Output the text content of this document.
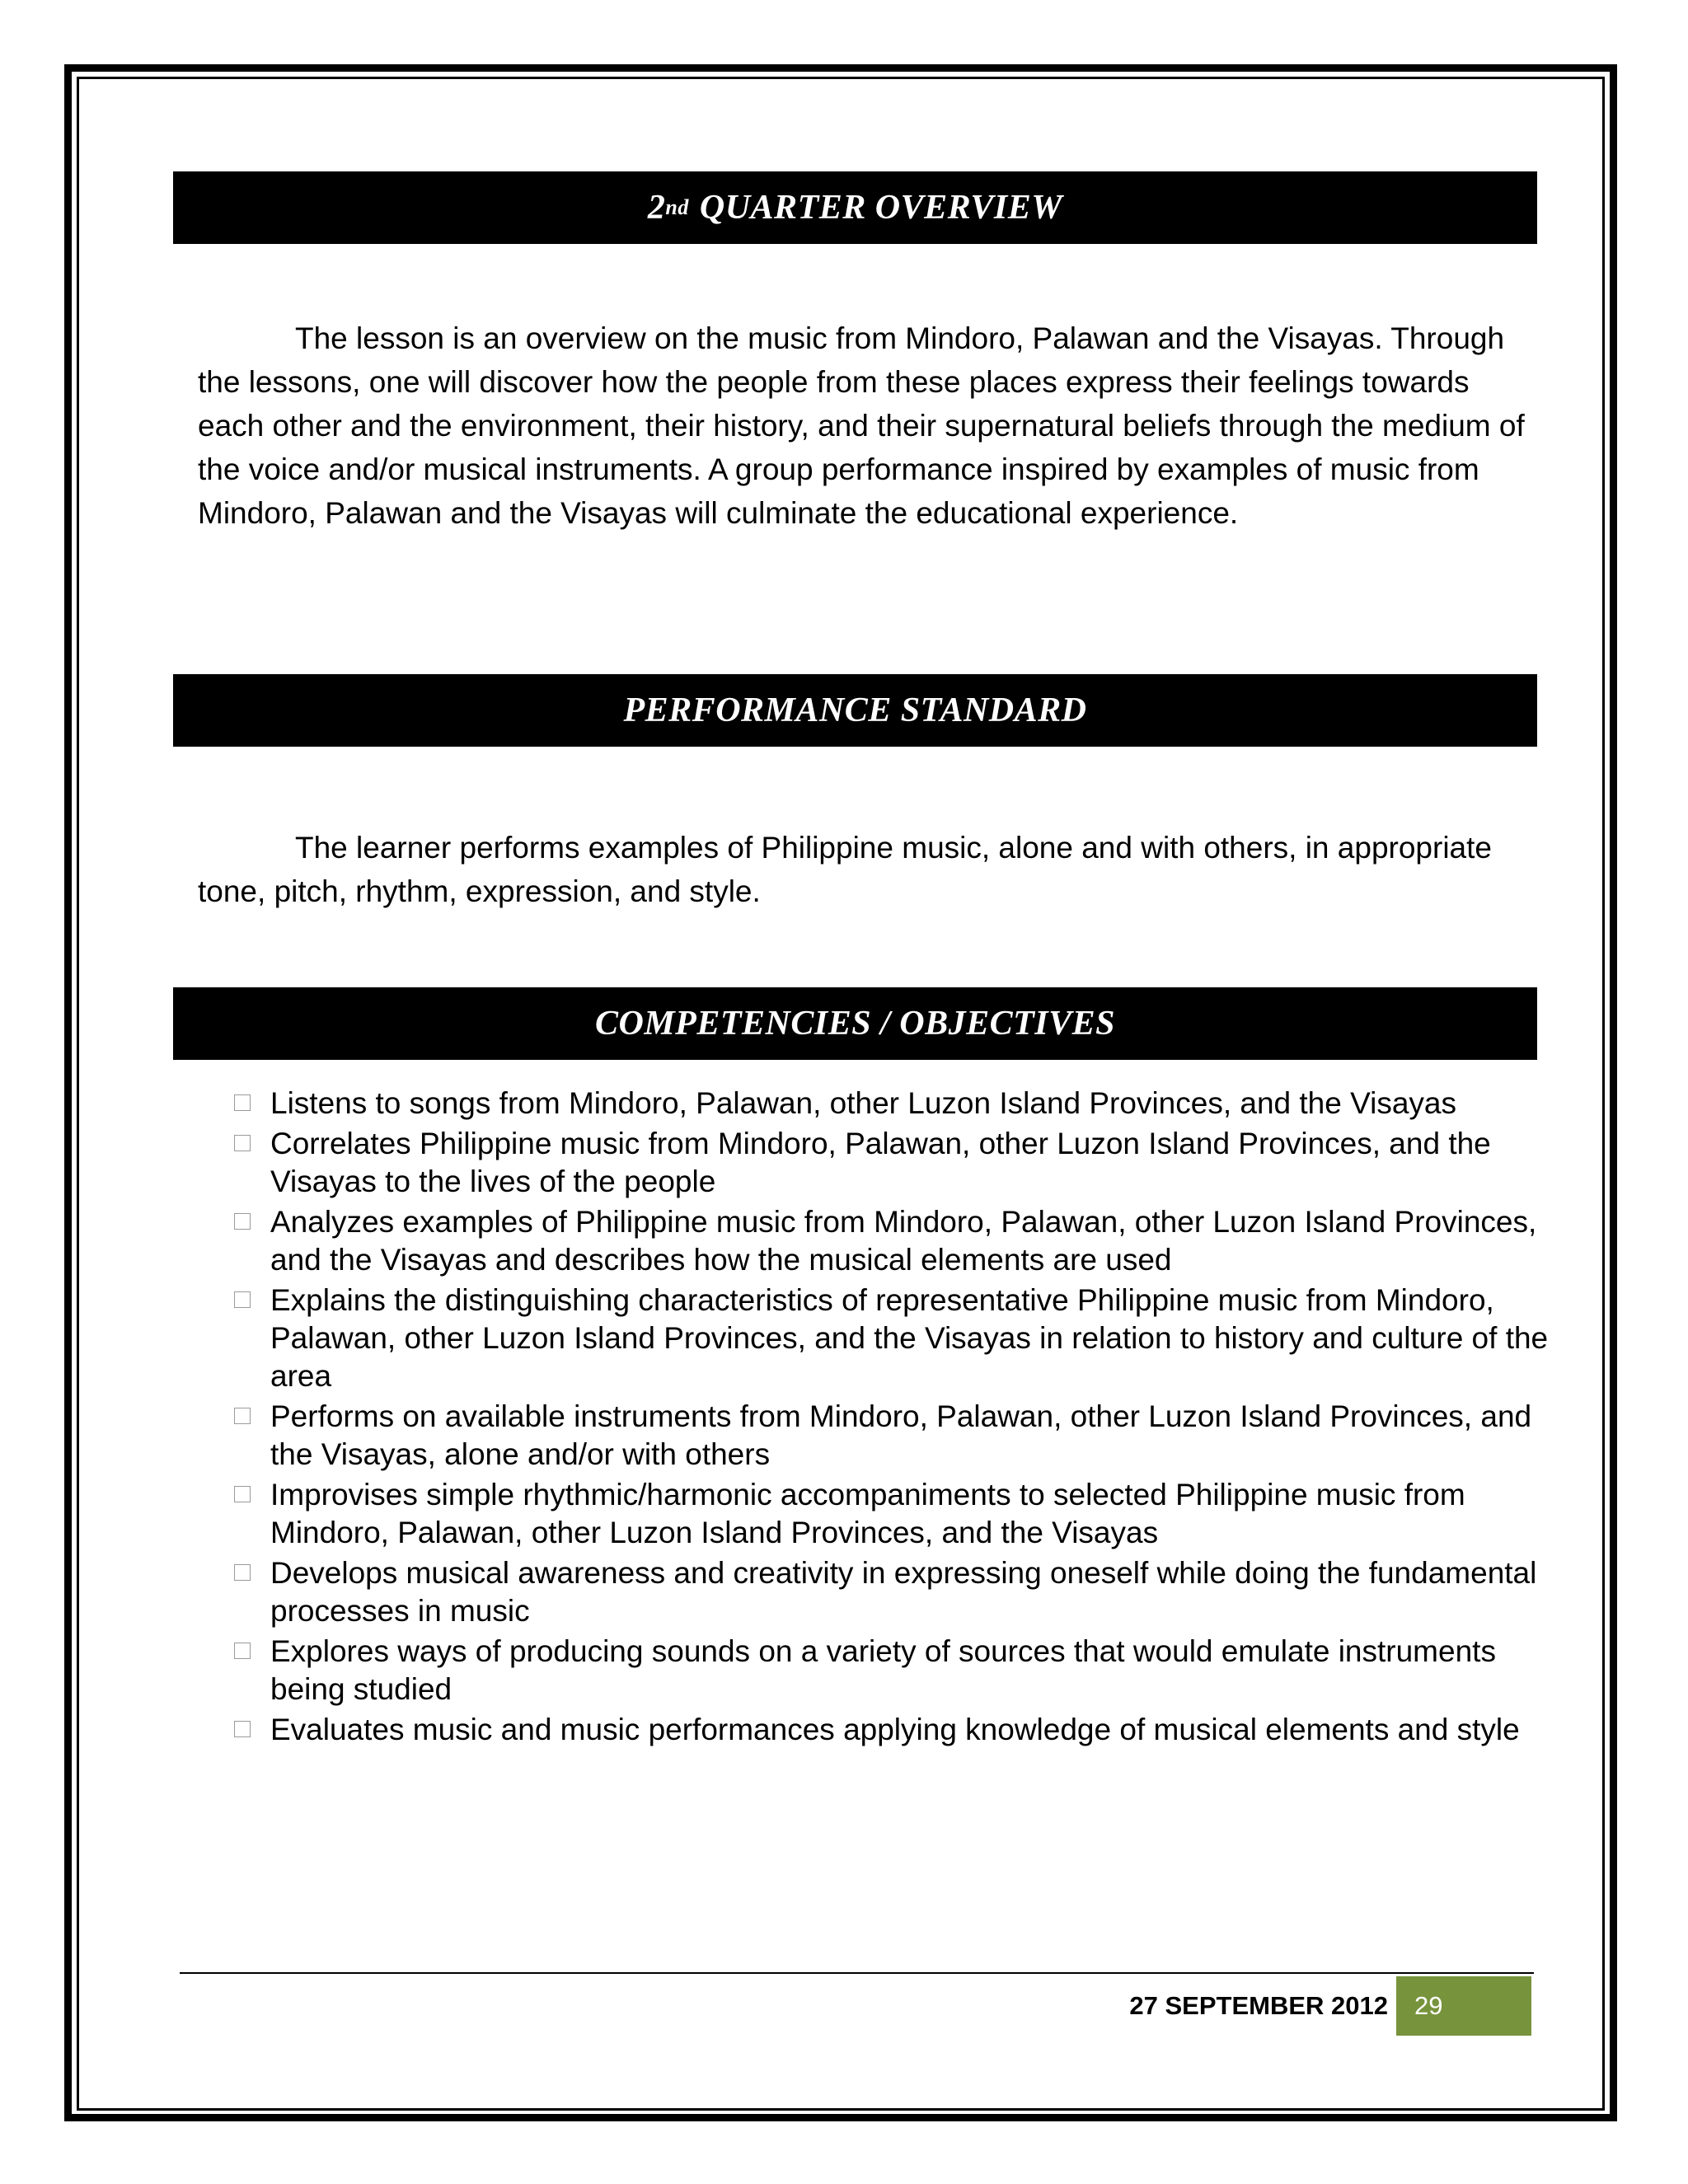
2 nd
QUARTER OVERVIEW

The lesson is an overview on the music from Mindoro, Palawan and the Visayas. Through the lessons, one will discover how the people from these places express their feelings towards each other and the environment, their history, and their supernatural beliefs through the medium of the voice and/or musical instruments. A group performance inspired by examples of music from Mindoro, Palawan and the Visayas will culminate the educational experience.

PERFORMANCE STANDARD

The learner performs examples of Philippine music, alone and with others, in appropriate tone, pitch, rhythm, expression, and style.

COMPETENCIES / OBJECTIVES
Listens to songs from Mindoro, Palawan, other Luzon Island Provinces, and the Visayas
Correlates Philippine music from Mindoro, Palawan, other Luzon Island Provinces, and the Visayas to the lives of the people
Analyzes examples of Philippine music from Mindoro, Palawan, other Luzon Island Provinces, and the Visayas and describes how the musical elements are used
Explains the distinguishing characteristics of representative Philippine music from Mindoro, Palawan, other Luzon Island Provinces, and the Visayas in relation to history and culture of the area
Performs on available instruments from Mindoro, Palawan, other Luzon Island Provinces, and the Visayas, alone and/or with others
Improvises simple rhythmic/harmonic accompaniments to selected Philippine music from Mindoro, Palawan, other Luzon Island Provinces, and the Visayas
Develops musical awareness and creativity in expressing oneself while doing the fundamental processes in music
Explores ways of producing sounds on a variety of sources that would emulate instruments being studied
Evaluates music and music performances applying knowledge of musical elements and style
27 SEPTEMBER 2012	29
